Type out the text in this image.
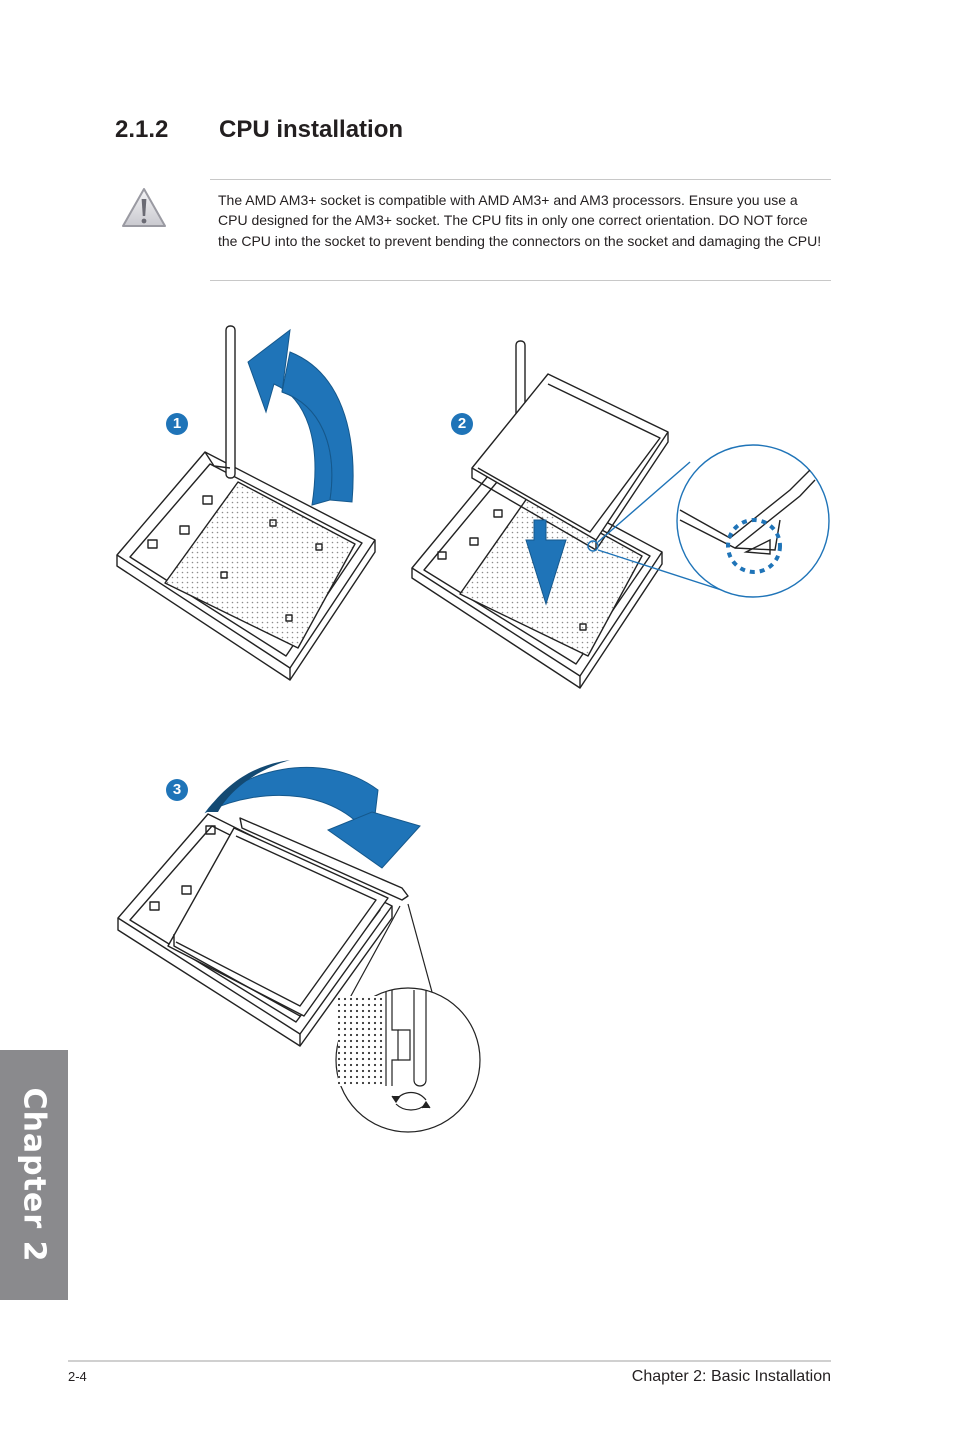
2.1.2 CPU installation

The AMD AM3+ socket is compatible with AMD AM3+ and AM3 processors. Ensure you use a CPU designed for the AM3+ socket. The CPU fits in only one correct orientation. DO NOT force the CPU into the socket to prevent bending the connectors on the socket and damaging the CPU!

1	2
3
Chapter 2
2-4	Chapter 2: Basic Installation
